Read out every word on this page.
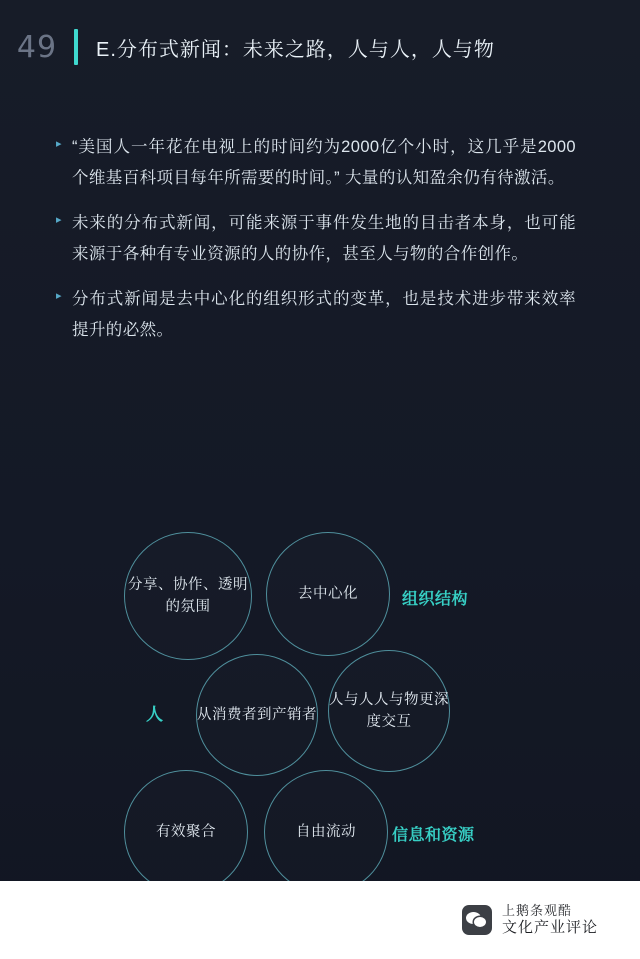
49	E.分布式新闻：未来之路，人与人，人与物
▸ “美国人一年花在电视上的时间约为2000亿个小时，这几乎是2000个维基百科项目每年所需要的时间。” 大量的认知盈余仍有待激活。
▸ 未来的分布式新闻，可能来源于事件发生地的目击者本身，也可能来源于各种有专业资源的人的协作，甚至人与物的合作创作。
▸ 分布式新闻是去中心化的组织形式的变革，也是技术进步带来效率提升的必然。
分享、协作、透明的氛围
去中心化
从消费者到产销者
人与人人与物更深度交互
有效聚合	自由流动
组织结构
人
信息和资源
上鹅条观酷
文化产业评论
